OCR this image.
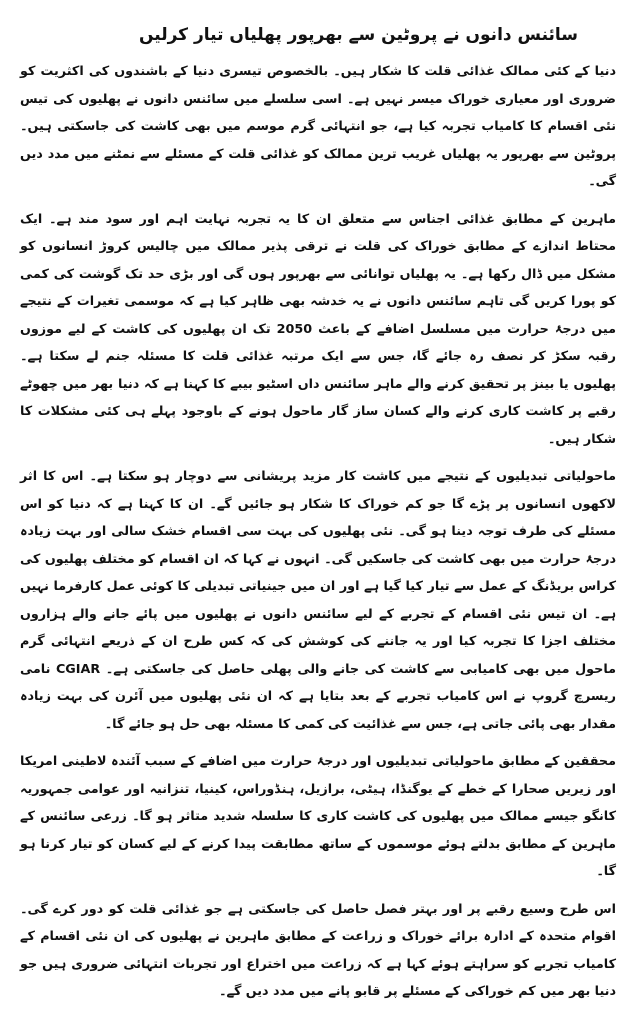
سائنس دانوں نے پروٹین سے بھرپور پھلیاں تیار کرلیں

دنیا کے کئی ممالک غذائی قلت کا شکار ہیں۔ بالخصوص تیسری دنیا کے باشندوں کی اکثریت کو ضروری اور معیاری خوراک میسر نہیں ہے۔ اسی سلسلے میں سائنس دانوں نے پھلیوں کی تیس نئی اقسام کا کامیاب تجربہ کیا ہے، جو انتہائی گرم موسم میں بھی کاشت کی جاسکتی ہیں۔ پروٹین سے بھرپور یہ پھلیاں غریب ترین ممالک کو غذائی قلت کے مسئلے سے نمٹنے میں مدد دیں گی۔

ماہرین کے مطابق غذائی اجناس سے متعلق ان کا یہ تجربہ نہایت اہم اور سود مند ہے۔ ایک محتاط اندازے کے مطابق خوراک کی قلت نے ترقی پذیر ممالک میں چالیس کروڑ انسانوں کو مشکل میں ڈال رکھا ہے۔ یہ پھلیاں توانائی سے بھرپور ہوں گی اور بڑی حد تک گوشت کی کمی کو پورا کریں گی تاہم سائنس دانوں نے یہ خدشہ بھی ظاہر کیا ہے کہ موسمی تغیرات کے نتیجے میں درجۂ حرارت میں مسلسل اضافے کے باعث 2050 تک ان پھلیوں کی کاشت کے لیے موزوں رقبہ سکڑ کر نصف رہ جائے گا، جس سے ایک مرتبہ غذائی قلت کا مسئلہ جنم لے سکتا ہے۔ پھلیوں یا بینز پر تحقیق کرنے والے ماہر سائنس داں اسٹیو بیبے کا کہنا ہے کہ دنیا بھر میں چھوٹے رقبے پر کاشت کاری کرنے والے کسان ساز گار ماحول ہونے کے باوجود پہلے ہی کئی مشکلات کا شکار ہیں۔

ماحولیاتی تبدیلیوں کے نتیجے میں کاشت کار مزید پریشانی سے دوچار ہو سکتا ہے۔ اس کا اثر لاکھوں انسانوں پر پڑے گا جو کم خوراک کا شکار ہو جائیں گے۔ ان کا کہنا ہے کہ دنیا کو اس مسئلے کی طرف توجہ دینا ہو گی۔ نئی پھلیوں کی بہت سی اقسام خشک سالی اور بہت زیادہ درجۂ حرارت میں بھی کاشت کی جاسکیں گی۔ انہوں نے کہا کہ ان اقسام کو مختلف پھلیوں کی کراس بریڈنگ کے عمل سے تیار کیا گیا ہے اور ان میں جینیاتی تبدیلی کا کوئی عمل کارفرما نہیں ہے۔ ان تیس نئی اقسام کے تجربے کے لیے سائنس دانوں نے پھلیوں میں پائے جانے والے ہزاروں مختلف اجزا کا تجربہ کیا اور یہ جاننے کی کوشش کی کہ کس طرح ان کے ذریعے انتہائی گرم ماحول میں بھی کامیابی سے کاشت کی جانے والی پھلی حاصل کی جاسکتی ہے۔ CGIAR نامی ریسرچ گروپ نے اس کامیاب تجربے کے بعد بتایا ہے کہ ان نئی پھلیوں میں آئرن کی بہت زیادہ مقدار بھی پائی جاتی ہے، جس سے غذائیت کی کمی کا مسئلہ بھی حل ہو جائے گا۔

محققین کے مطابق ماحولیاتی تبدیلیوں اور درجۂ حرارت میں اضافے کے سبب آئندہ لاطینی امریکا اور زیریں صحارا کے خطے کے یوگنڈا، ہیٹی، برازیل، ہنڈوراس، کینیا، تنزانیہ اور عوامی جمہوریہ کانگو جیسے ممالک میں پھلیوں کی کاشت کاری کا سلسلہ شدید متاثر ہو گا۔ زرعی سائنس کے ماہرین کے مطابق بدلتے ہوئے موسموں کے ساتھ مطابقت پیدا کرنے کے لیے کسان کو تیار کرنا ہو گا۔

اس طرح وسیع رقبے پر اور بہتر فصل حاصل کی جاسکتی ہے جو غذائی قلت کو دور کرے گی۔ اقوام متحدہ کے ادارہ برائے خوراک و زراعت کے مطابق ماہرین نے پھلیوں کی ان نئی اقسام کے کامیاب تجربے کو سراہتے ہوئے کہا ہے کہ زراعت میں اختراع اور تجربات انتہائی ضروری ہیں جو دنیا بھر میں کم خوراکی کے مسئلے پر قابو پانے میں مدد دیں گے۔
